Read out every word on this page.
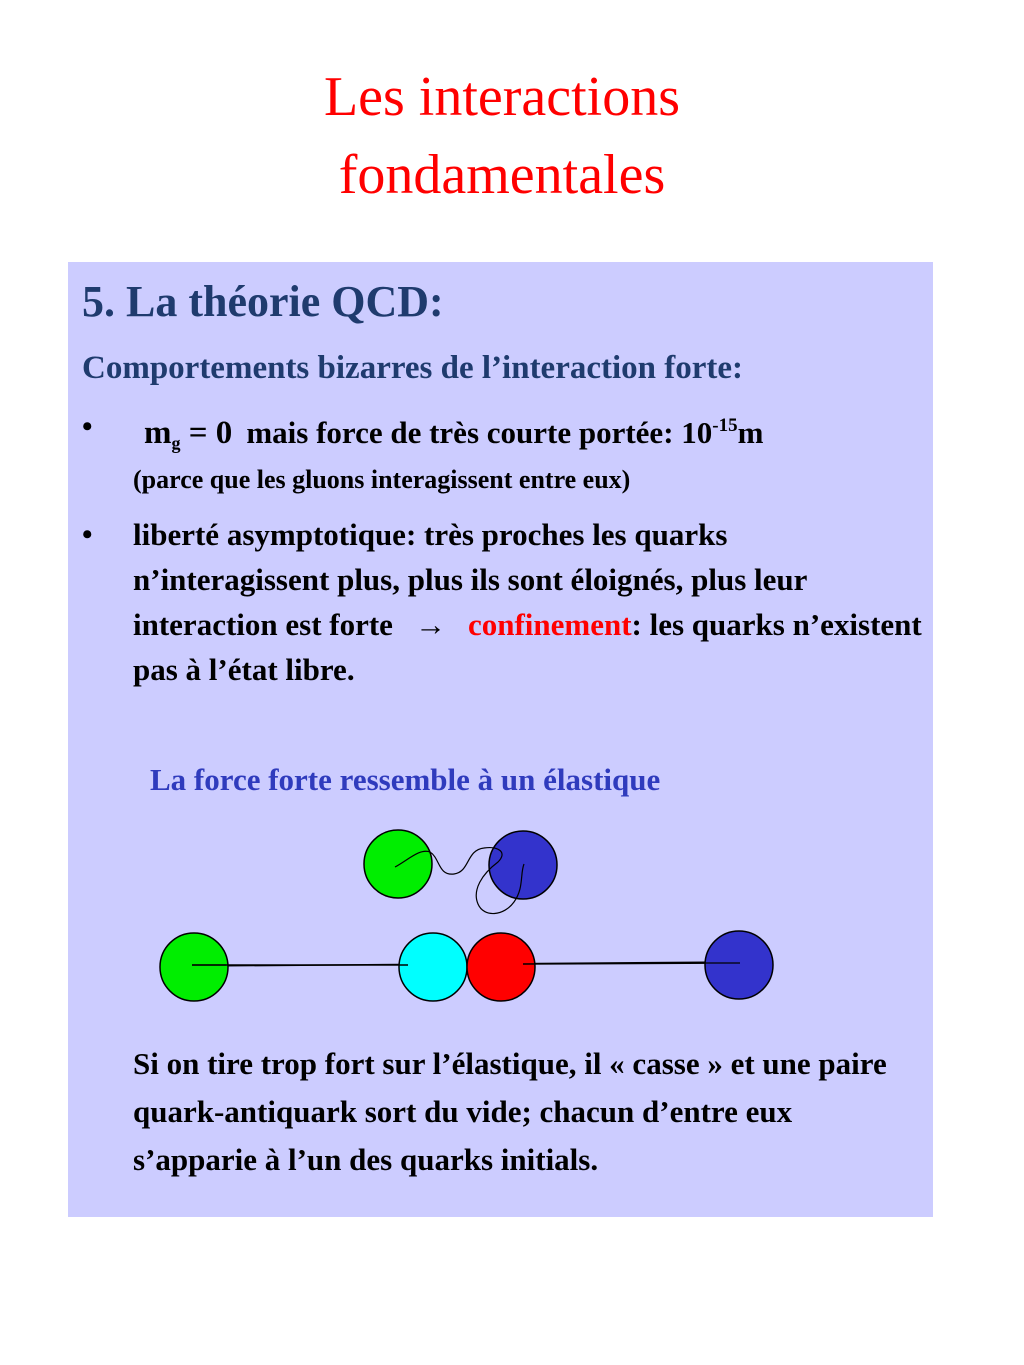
Les interactions
fondamentales
5. La théorie QCD:
Comportements bizarres de l’interaction forte:
• $m_g = 0$ mais force de très courte portée: $10^{-15}m$
(parce que les gluons interagissent entre eux)
• liberté asymptotique: très proches les quarks n’interagissent plus, plus ils sont éloignés, plus leur interaction est forte → confinement: les quarks n’existent pas à l’état libre.
La force forte ressemble à un élastique
Si on tire trop fort sur l’élastique, il « casse » et une paire quark-antiquark sort du vide; chacun d’entre eux s’apparie à l’un des quarks initials.
